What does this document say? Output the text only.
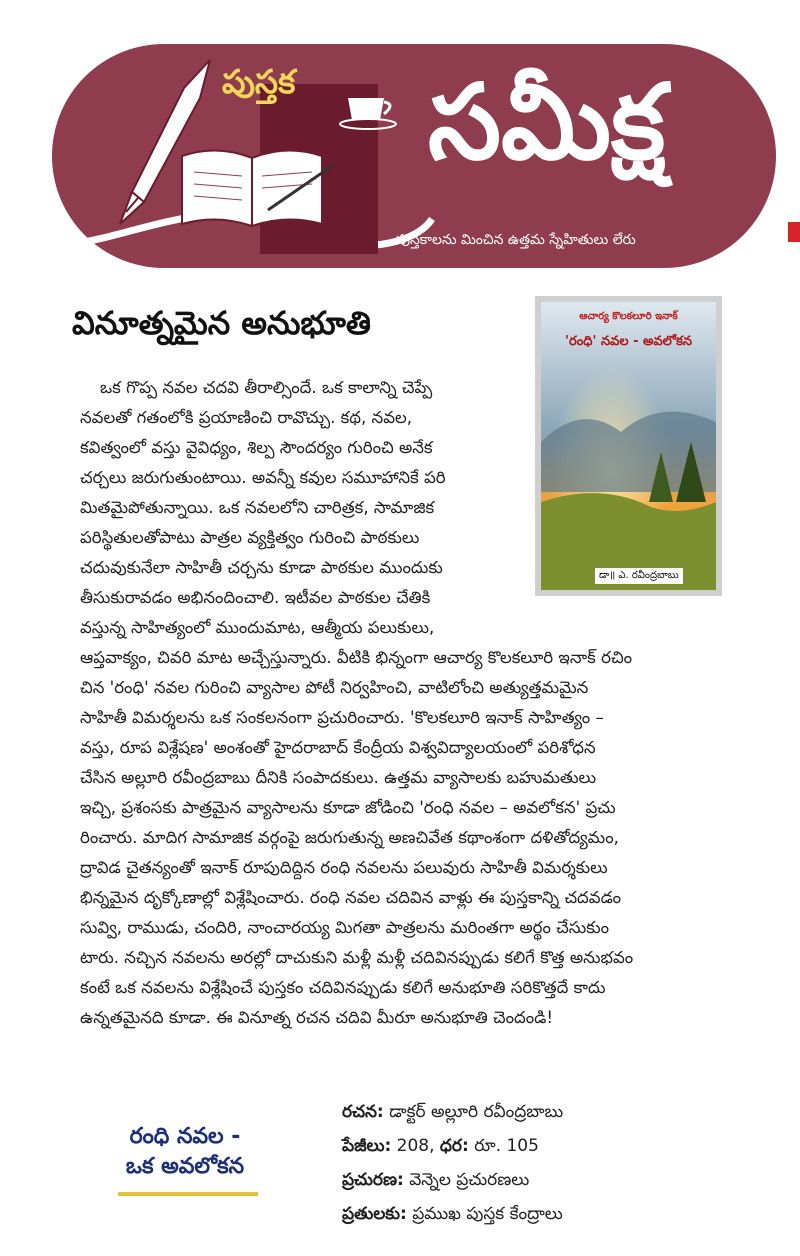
పుస్తక సమీక్ష
పుస్తకాలను మించిన ఉత్తమ స్నేహితులు లేరు
వినూత్నమైన అనుభూతి	ఆచార్య కొలకలూరి ఇనాక్
'రంధి' నవల - అవలోకన
డా॥ ఎ. రవీంద్రబాబు
ఒక గొప్ప నవల చదవి తీరాల్సిందే. ఒక కాలాన్ని చెప్పే
నవలతో గతంలోకి ప్రయాణించి రావొచ్చు. కథ, నవల,
కవిత్వంలో వస్తు వైవిధ్యం, శిల్ప సౌందర్యం గురించి అనేక
చర్చలు జరుగుతుంటాయి. అవన్నీ కవుల సమూహానికే పరి
మితమైపోతున్నాయి. ఒక నవలలోని చారిత్రక, సామాజిక
పరిస్థితులతోపాటు పాత్రల వ్యక్తిత్వం గురించి పాఠకులు
చదువుకునేలా సాహితీ చర్చను కూడా పాఠకుల ముందుకు
తీసుకురావడం అభినందించాలి. ఇటీవల పాఠకుల చేతికి
వస్తున్న సాహిత్యంలో ముందుమాట, ఆత్మీయ పలుకులు,
ఆప్తవాక్యం, చివరి మాట అచ్చేస్తున్నారు. వీటికి భిన్నంగా ఆచార్య కొలకలూరి ఇనాక్ రచిం
చిన 'రంధి' నవల గురించి వ్యాసాల పోటీ నిర్వహించి, వాటిలోంచి అత్యుత్తమమైన
సాహితీ విమర్శలను ఒక సంకలనంగా ప్రచురించారు. 'కొలకలూరి ఇనాక్ సాహిత్యం –
వస్తు, రూప విశ్లేషణ' అంశంతో హైదరాబాద్ కేంద్రీయ విశ్వవిద్యాలయంలో పరిశోధన
చేసిన అల్లూరి రవీంద్రబాబు దీనికి సంపాదకులు. ఉత్తమ వ్యాసాలకు బహుమతులు
ఇచ్చి, ప్రశంసకు పాత్రమైన వ్యాసాలను కూడా జోడించి 'రంధి నవల – అవలోకన' ప్రచు
రించారు. మాదిగ సామాజిక వర్గంపై జరుగుతున్న అణచివేత కథాంశంగా దళితోద్యమం,
ద్రావిడ చైతన్యంతో ఇనాక్ రూపుదిద్దిన రంధి నవలను పలువురు సాహితీ విమర్శకులు
భిన్నమైన దృక్కోణాల్లో విశ్లేషించారు. రంధి నవల చదివిన వాళ్లు ఈ పుస్తకాన్ని చదవడం
సువ్వి, రాముడు, చందిరి, నాంచారయ్య మిగతా పాత్రలను మరింతగా అర్థం చేసుకుం
టారు. నచ్చిన నవలను అరల్లో దాచుకుని మళ్లీ మళ్లీ చదివినప్పుడు కలిగే కొత్త అనుభవం
కంటే ఒక నవలను విశ్లేషించే పుస్తకం చదివినప్పుడు కలిగే అనుభూతి సరికొత్తదే కాదు
ఉన్నతమైనది కూడా. ఈ వినూత్న రచన చదివి మీరూ అనుభూతి చెందండి!
రంధి నవల -
ఒక అవలోకన
రచన: డాక్టర్ అల్లూరి రవీంద్రబాబు
పేజీలు: 208, ధర: రూ. 105
ప్రచురణ: వెన్నెల ప్రచురణలు
ప్రతులకు: ప్రముఖ పుస్తక కేంద్రాలు
